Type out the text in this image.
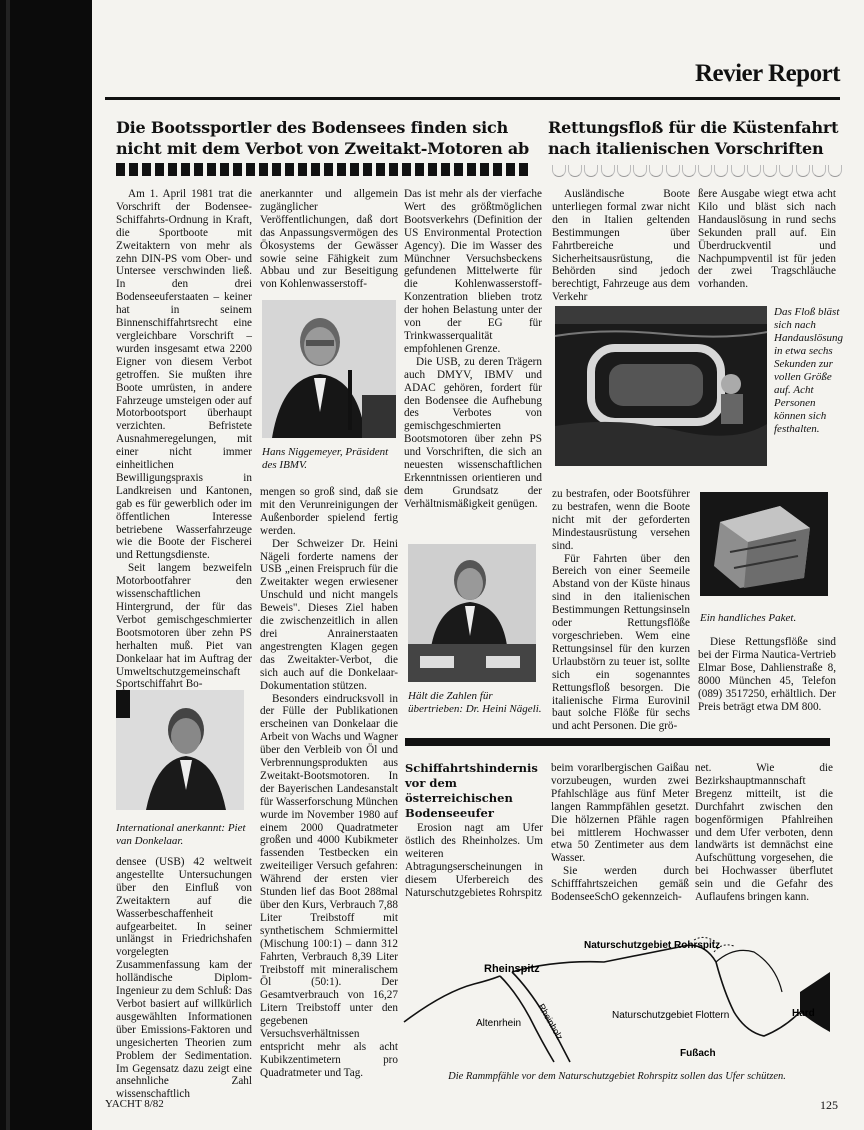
Revier Report
Die Bootssportler des Bodensees finden sich nicht mit dem Verbot von Zweitakt-Motoren ab

Am 1. April 1981 trat die Vorschrift der Bodensee-Schiffahrts-Ordnung in Kraft, die Sportboote mit Zweitaktern von mehr als zehn DIN-PS vom Ober- und Untersee verschwinden ließ. In den drei Bodenseeuferstaaten – keiner hat in seinem Binnenschiffahrtsrecht eine vergleichbare Vorschrift – wurden insgesamt etwa 2200 Eigner von diesem Verbot getroffen. Sie mußten ihre Boote umrüsten, in andere Fahrzeuge umsteigen oder auf Motorbootsport überhaupt verzichten. Befristete Ausnahmeregelungen, mit einer nicht immer einheitlichen Bewilligungspraxis in Landkreisen und Kantonen, gab es für gewerblich oder im öffentlichen Interesse betriebene Wasserfahrzeuge wie die Boote der Fischerei und Rettungsdienste.

Seit langem bezweifeln Motorbootfahrer den wissenschaftlichen Hintergrund, der für das Verbot gemischgeschmierter Bootsmotoren über zehn PS herhalten muß. Piet van Donkelaar hat im Auftrag der Umweltschutzgemeinschaft Sportschiffahrt Bo-

International anerkannt: Piet van Donkelaar.

densee (USB) 42 weltweit angestellte Untersuchungen über den Einfluß von Zweitaktern auf die Wasserbeschaffenheit aufgearbeitet. In seiner unlängst in Friedrichshafen vorgelegten Zusammenfassung kam der holländische Diplom-Ingenieur zu dem Schluß: Das Verbot basiert auf willkürlich ausgewählten Informationen über Emissions-Faktoren und ungesicherten Theorien zum Problem der Sedimentation. Im Gegensatz dazu zeigt eine ansehnliche Zahl wissenschaftlich

anerkannter und allgemein zugänglicher Veröffentlichungen, daß dort das Anpassungsvermögen des Ökosystems der Gewässer sowie seine Fähigkeit zum Abbau und zur Beseitigung von Kohlenwasserstoff-

Hans Niggemeyer, Präsident des IBMV.

mengen so groß sind, daß sie mit den Verunreinigungen der Außenborder spielend fertig werden.

Der Schweizer Dr. Heini Nägeli forderte namens der USB „einen Freispruch für die Zweitakter wegen erwiesener Unschuld und nicht mangels Beweis". Dieses Ziel haben die zwischenzeitlich in allen drei Anrainerstaaten angestrengten Klagen gegen das Zweitakter-Verbot, die sich auch auf die Donkelaar-Dokumentation stützen.

Besonders eindrucksvoll in der Fülle der Publikationen erscheinen van Donkelaar die Arbeit von Wachs und Wagner über den Verbleib von Öl und Verbrennungsprodukten aus Zweitakt-Bootsmotoren. In der Bayerischen Landesanstalt für Wasserforschung München wurde im November 1980 auf einem 2000 Quadratmeter großen und 4000 Kubikmeter fassenden Testbecken ein zweiteiliger Versuch gefahren: Während der ersten vier Stunden lief das Boot 288mal über den Kurs, Verbrauch 7,88 Liter Treibstoff mit synthetischem Schmiermittel (Mischung 100:1) – dann 312 Fahrten, Verbrauch 8,39 Liter Treibstoff mit mineralischem Öl (50:1). Der Gesamtverbrauch von 16,27 Litern Treibstoff unter den gegebenen Versuchsverhältnissen entspricht mehr als acht Kubikzentimetern pro Quadratmeter und Tag.

Das ist mehr als der vierfache Wert des größtmöglichen Bootsverkehrs (Definition der US Environmental Protection Agency). Die im Wasser des Münchner Versuchsbeckens gefundenen Mittelwerte für die Kohlenwasserstoff-Konzentration blieben trotz der hohen Belastung unter der von der EG für Trinkwasserqualität empfohlenen Grenze.

Die USB, zu deren Trägern auch DMYV, IBMV und ADAC gehören, fordert für den Bodensee die Aufhebung des Verbotes von gemischgeschmierten Bootsmotoren über zehn PS und Vorschriften, die sich an neuesten wissenschaftlichen Erkenntnissen orientieren und dem Grundsatz der Verhältnismäßigkeit genügen.

Hält die Zahlen für übertrieben: Dr. Heini Nägeli.
Rettungsfloß für die Küstenfahrt nach italienischen Vorschriften

Ausländische Boote unterliegen formal zwar nicht den in Italien geltenden Bestimmungen über Fahrtbereiche und Sicherheitsausrüstung, die Behörden sind jedoch berechtigt, Fahrzeuge aus dem Verkehr

ßere Ausgabe wiegt etwa acht Kilo und bläst sich nach Handauslösung in rund sechs Sekunden prall auf. Ein Überdruckventil und Nachpumpventil ist für jeden der zwei Tragschläuche vorhanden.

Das Floß bläst sich nach Handauslösung in etwa sechs Sekunden zur vollen Größe auf. Acht Personen können sich festhalten.

zu bestrafen, oder Bootsführer zu bestrafen, wenn die Boote nicht mit der geforderten Mindestausrüstung versehen sind.

Für Fahrten über den Bereich von einer Seemeile Abstand von der Küste hinaus sind in den italienischen Bestimmungen Rettungsinseln oder Rettungsflöße vorgeschrieben. Wem eine Rettungsinsel für den kurzen Urlaubstörn zu teuer ist, sollte sich ein sogenanntes Rettungsfloß besorgen. Die italienische Firma Eurovinil baut solche Flöße für sechs und acht Personen. Die grö-

Ein handliches Paket.

Diese Rettungsflöße sind bei der Firma Nautica-Vertrieb Elmar Bose, Dahlienstraße 8, 8000 München 45, Telefon (089) 3517250, erhältlich. Der Preis beträgt etwa DM 800.

Schiffahrtshindernis vor dem österreichischen Bodenseeufer

Erosion nagt am Ufer östlich des Rheinholzes. Um weiteren Abtragungserscheinungen in diesem Uferbereich des Naturschutzgebietes Rohrspitz

beim vorarlbergischen Gaißau vorzubeugen, wurden zwei Pfahlschläge aus fünf Meter langen Rammpfählen gesetzt. Die hölzernen Pfähle ragen bei mittlerem Hochwasser etwa 50 Zentimeter aus dem Wasser.

Sie werden durch Schifffahrtszeichen gemäß BodenseeSchO gekennzeich-

net. Wie die Bezirkshauptmannschaft Bregenz mitteilt, ist die Durchfahrt zwischen den bogenförmigen Pfahlreihen und dem Ufer verboten, denn landwärts ist demnächst eine Aufschüttung vorgesehen, die bei Hochwasser überflutet sein und die Gefahr des Auflaufens bringen kann.

Naturschutzgebiet Rohrspitz
Rheinspitz
Altenrhein Rheinholz	Naturschutzgebiet Flottern	Hard
Fußach
Die Rammpfähle vor dem Naturschutzgebiet Rohrspitz sollen das Ufer schützen.
YACHT 8/82	125
